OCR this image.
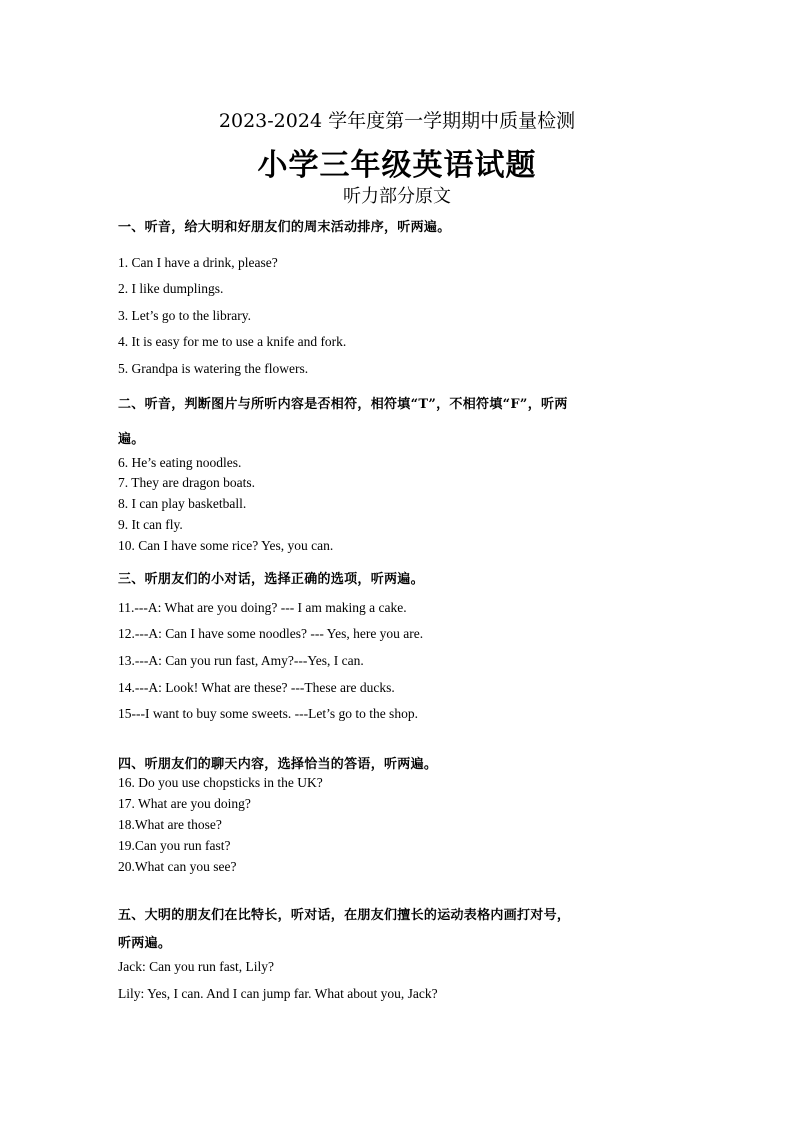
2023-2024 学年度第一学期期中质量检测
小学三年级英语试题
听力部分原文
一、听音，给大明和好朋友们的周末活动排序，听两遍。
1. Can I have a drink, please?
2. I like dumplings.
3. Let’s go to the library.
4. It is easy for me to use a knife and fork.
5. Grandpa is watering the flowers.
二、听音，判断图片与所听内容是否相符，相符填“T”，不相符填“F”，听两
遍。
6. He’s eating noodles.
7. They are dragon boats.
8. I can play basketball.
9. It can fly.
10. Can I have some rice? Yes, you can.
三、听朋友们的小对话，选择正确的选项，听两遍。
11.---A: What are you doing? --- I am making a cake.
12.---A: Can I have some noodles? --- Yes, here you are.
13.---A: Can you run fast, Amy?---Yes, I can.
14.---A: Look! What are these? ---These are ducks.
15---I want to buy some sweets. ---Let’s go to the shop.
四、听朋友们的聊天内容，选择恰当的答语，听两遍。
16. Do you use chopsticks in the UK?
17. What are you doing?
18.What are those?
19.Can you run fast?
20.What can you see?
五、大明的朋友们在比特长，听对话，在朋友们擅长的运动表格内画打对号，
听两遍。
Jack: Can you run fast, Lily?
Lily: Yes, I can. And I can jump far. What about you, Jack?
